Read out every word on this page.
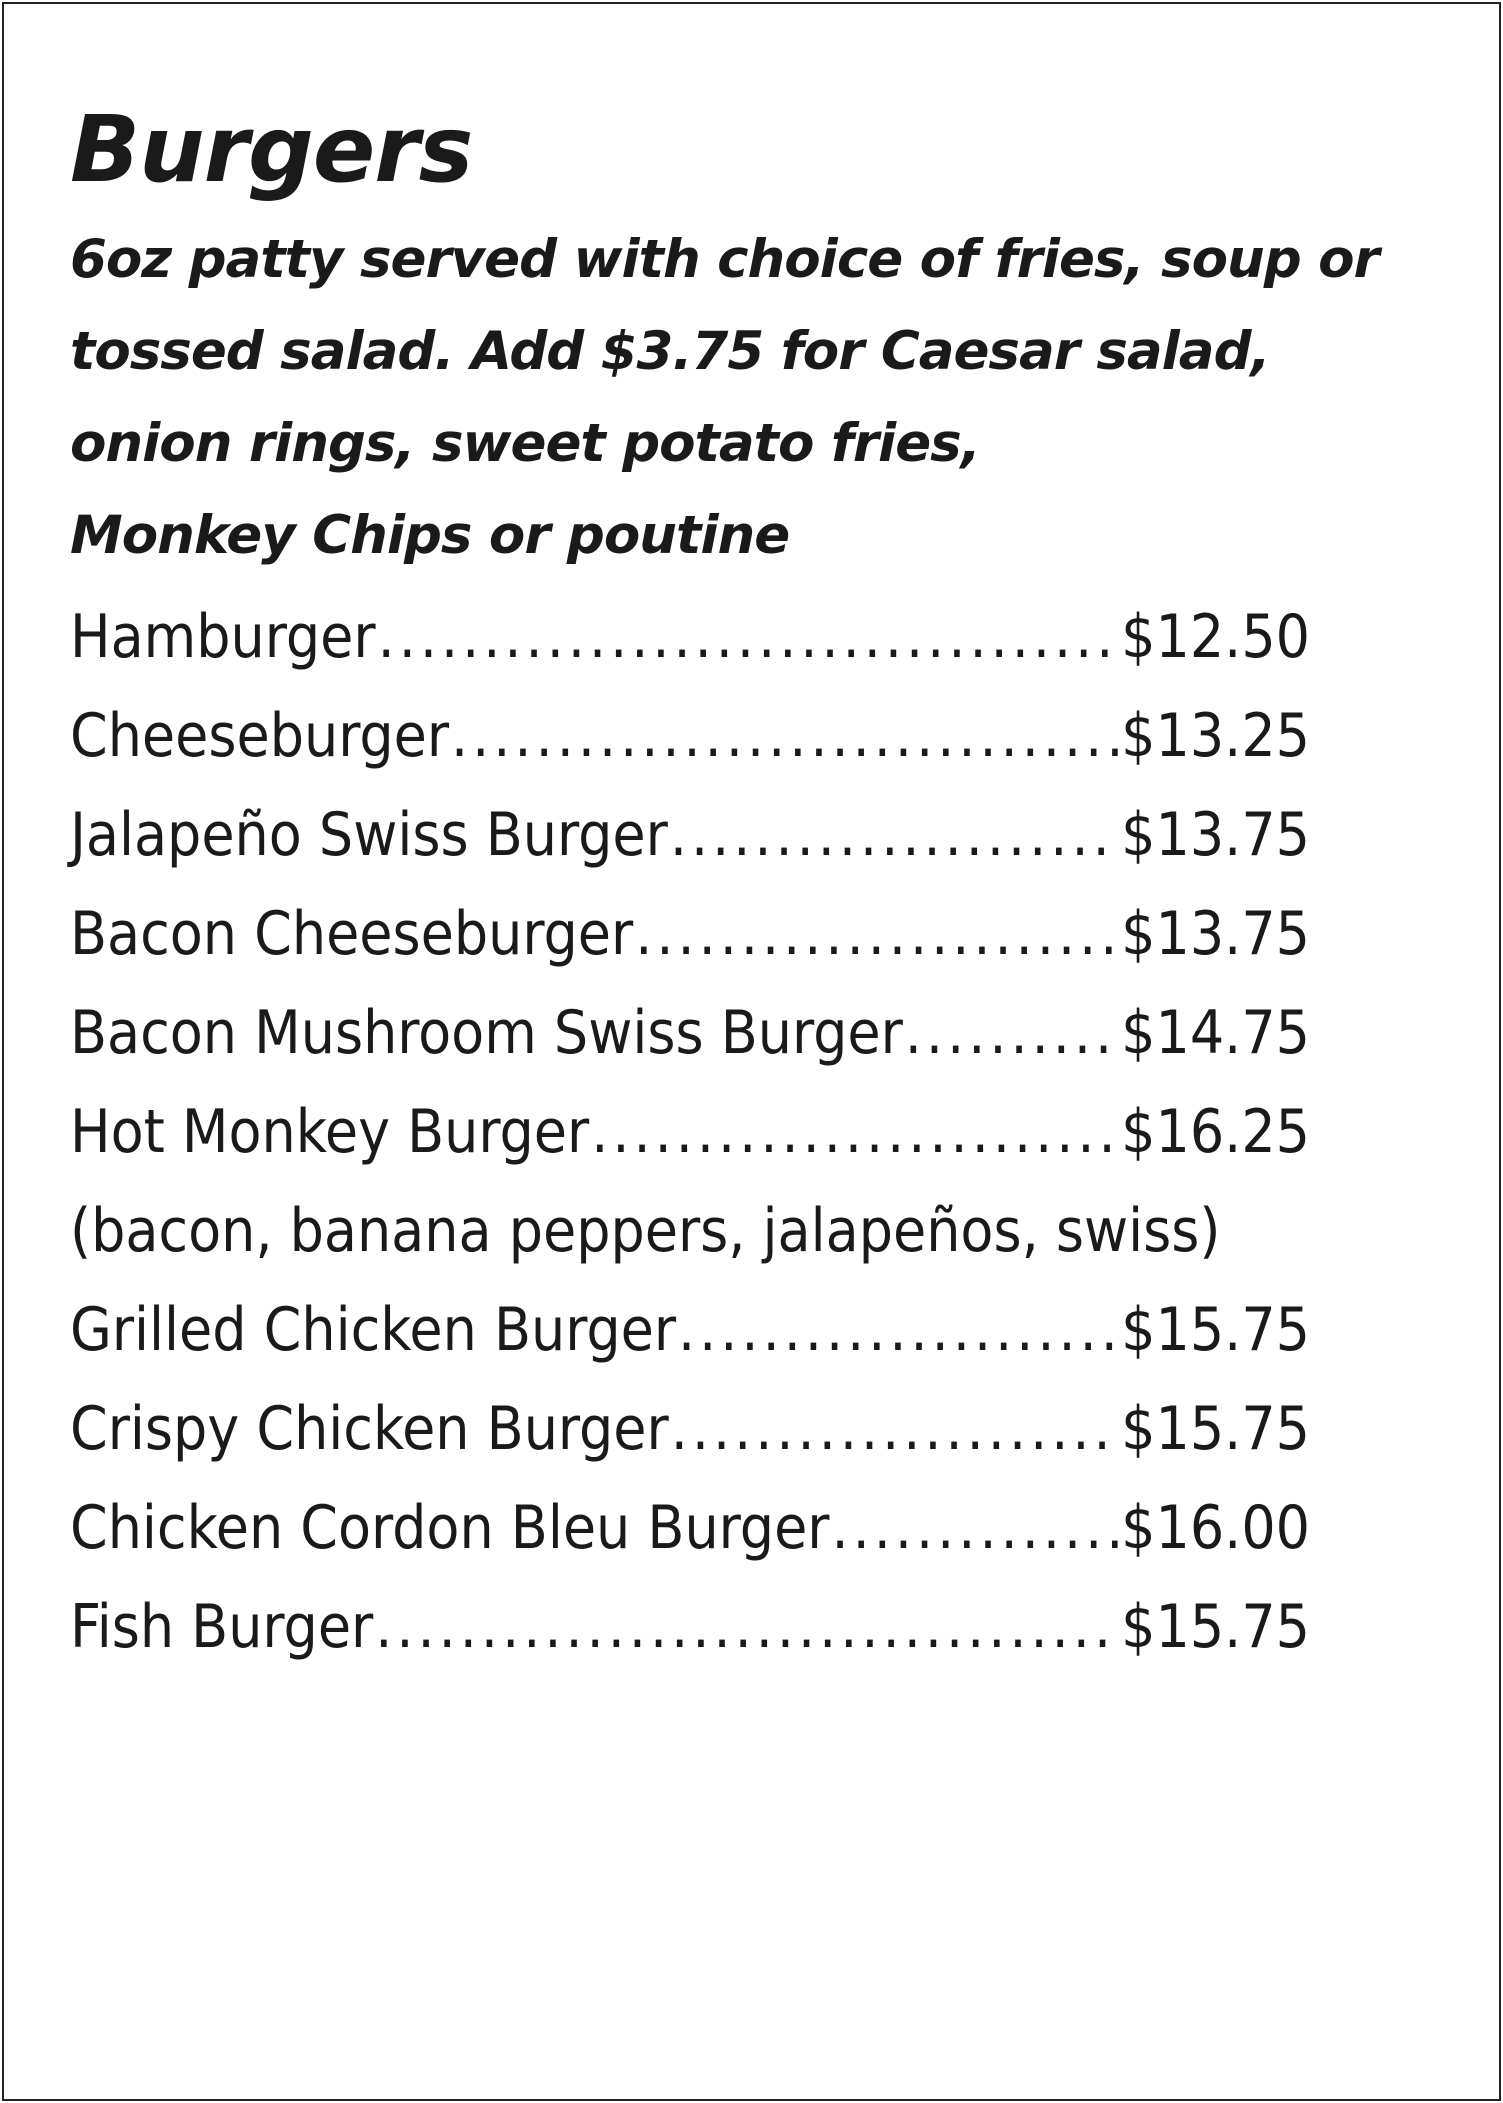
Burgers
6oz patty served with choice of fries, soup or
tossed salad. Add $3.75 for Caesar salad,
onion rings, sweet potato fries,
Monkey Chips or poutine
Hamburger .....	$12.50
Cheeseburger .....	$13.25
Jalapeño Swiss Burger .....	$13.75
Bacon Cheeseburger .....	$13.75
Bacon Mushroom Swiss Burger .....	$14.75
Hot Monkey Burger .....	$16.25
(bacon, banana peppers, jalapeños, swiss)
Grilled Chicken Burger .....	$15.75
Crispy Chicken Burger .....	$15.75
Chicken Cordon Bleu Burger .....	$16.00
Fish Burger .....	$15.75
